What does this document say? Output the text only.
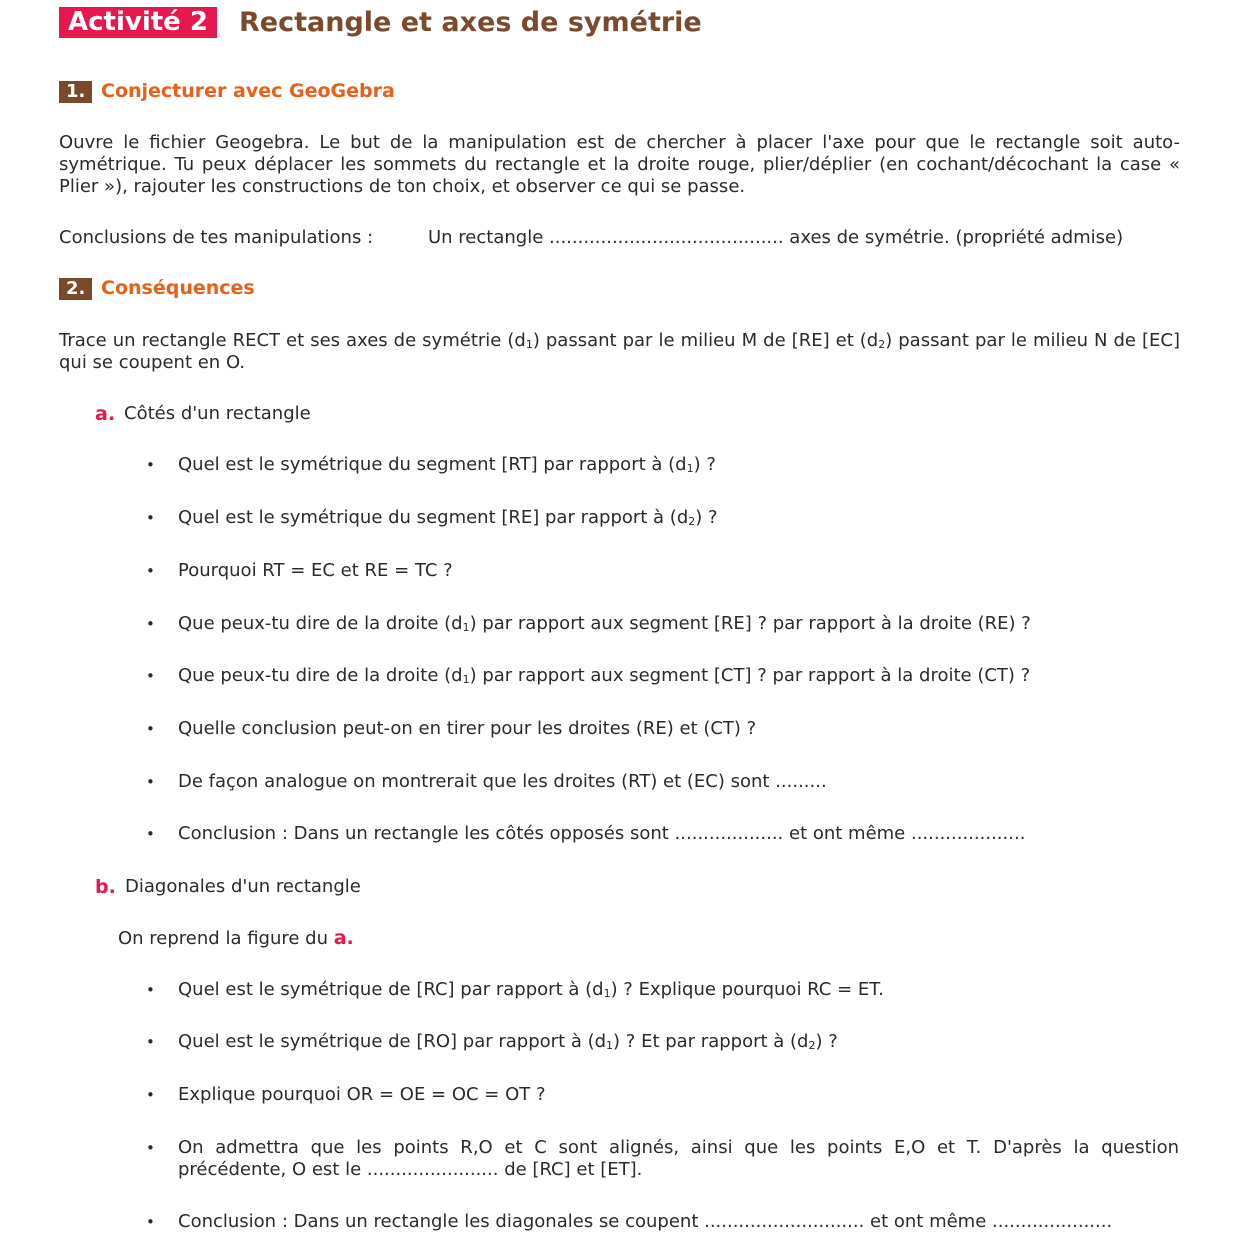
Activité 2	Rectangle et axes de symétrie
1. Conjecturer avec GeoGebra
Ouvre le fichier Geogebra. Le but de la manipulation est de chercher à placer l'axe pour que le rectangle soit auto-symétrique. Tu peux déplacer les sommets du rectangle et la droite rouge, plier/déplier (en cochant/décochant la case « Plier »), rajouter les constructions de ton choix, et observer ce qui se passe.
Conclusions de tes manipulations :	Un rectangle ......................................... axes de symétrie. (propriété admise)
2. Conséquences
Trace un rectangle RECT et ses axes de symétrie $(d_1)$ passant par le milieu M de [RE] et $(d_2)$ passant par le milieu N de [EC] qui se coupent en O.
a. Côtés d'un rectangle
• Quel est le symétrique du segment [RT] par rapport à $(d_1)$ ?
• Quel est le symétrique du segment [RE] par rapport à $(d_2)$ ?
• Pourquoi RT = EC et RE = TC ?
• Que peux-tu dire de la droite $(d_1)$ par rapport aux segment [RE] ? par rapport à la droite (RE) ?
• Que peux-tu dire de la droite $(d_1)$ par rapport aux segment [CT] ? par rapport à la droite (CT) ?
• Quelle conclusion peut-on en tirer pour les droites (RE) et (CT) ?
• De façon analogue on montrerait que les droites (RT) et (EC) sont .........
• Conclusion : Dans un rectangle les côtés opposés sont ................... et ont même ....................
b. Diagonales d'un rectangle
On reprend la figure du a.
• Quel est le symétrique de [RC] par rapport à $(d_1)$ ? Explique pourquoi RC = ET.
• Quel est le symétrique de [RO] par rapport à $(d_1)$ ? Et par rapport à $(d_2)$ ?
• Explique pourquoi OR = OE = OC = OT ?
• On admettra que les points R,O et C sont alignés, ainsi que les points E,O et T. D'après la question précédente, O est le ....................... de [RC] et [ET].
• Conclusion : Dans un rectangle les diagonales se coupent ............................ et ont même .....................
